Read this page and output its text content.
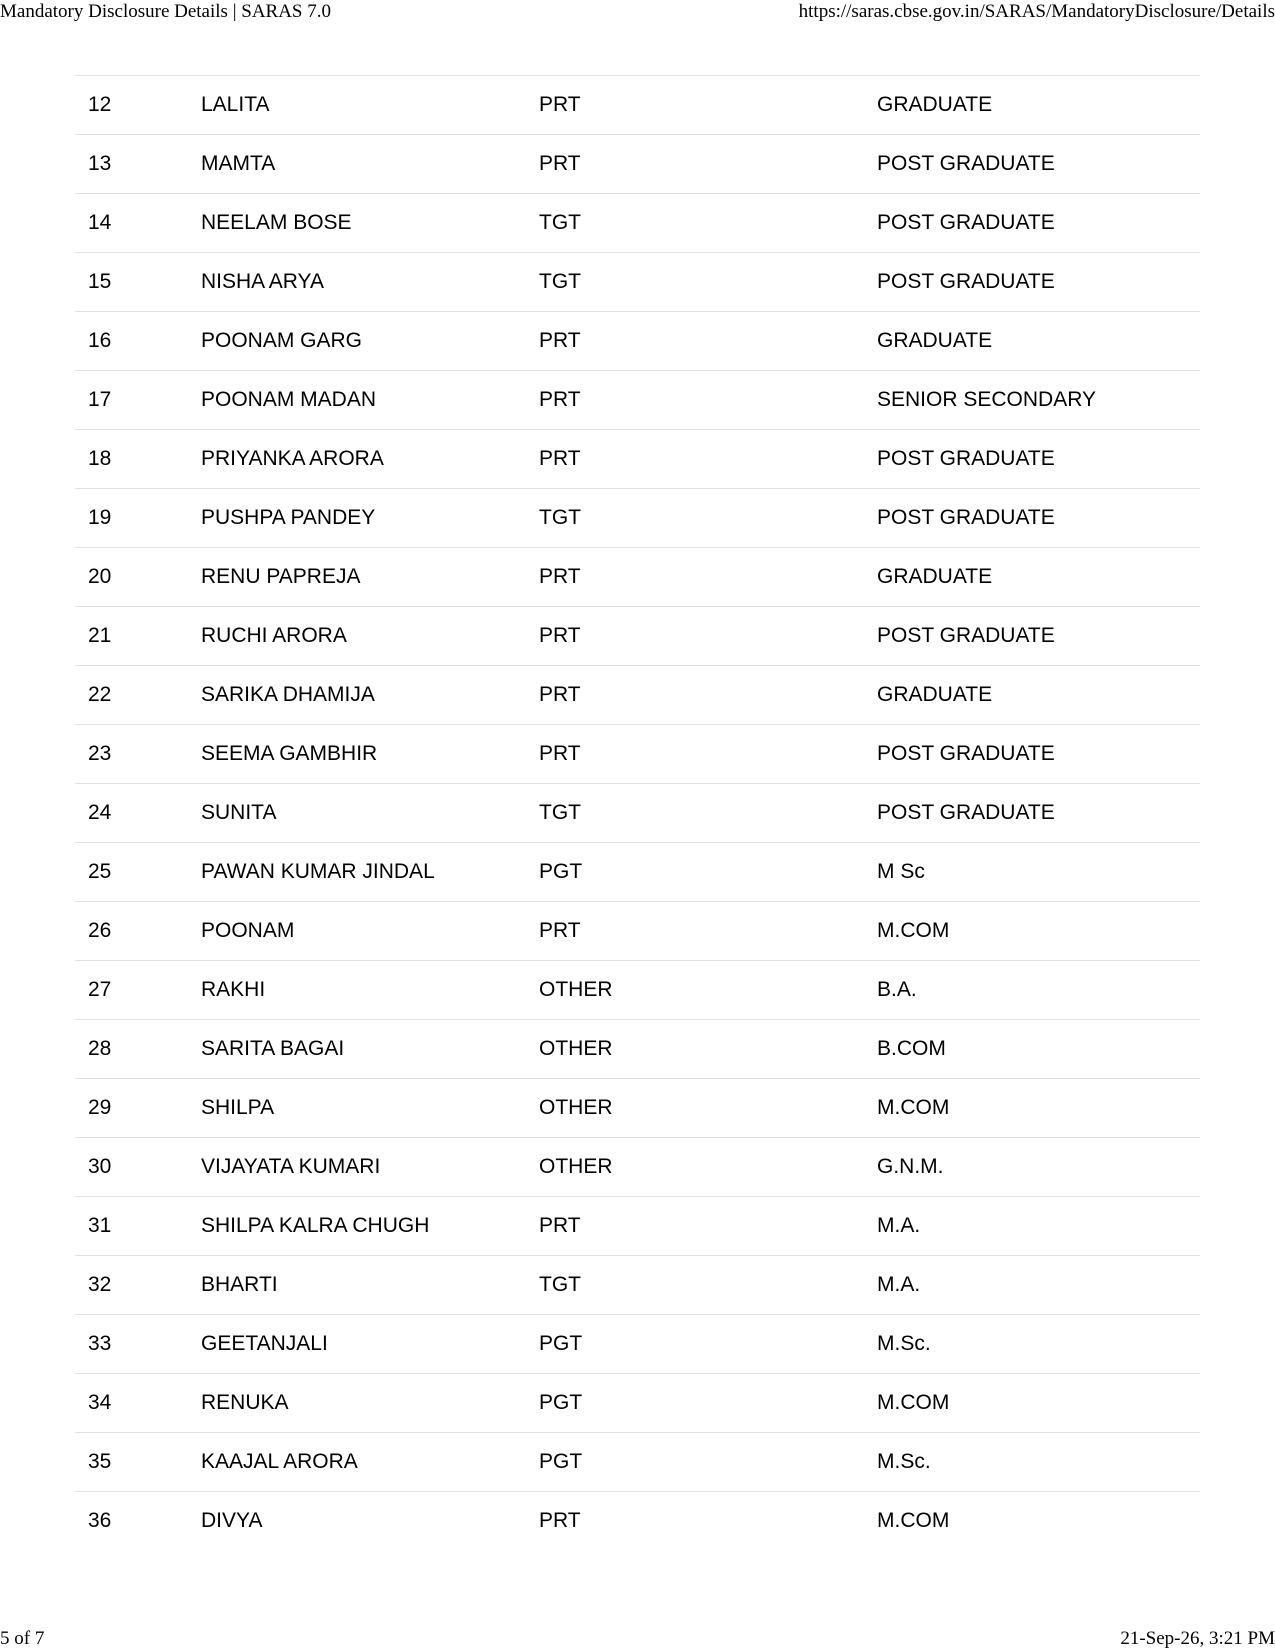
Mandatory Disclosure Details | SARAS 7.0	https://saras.cbse.gov.in/SARAS/MandatoryDisclosure/Details
12	LALITA	PRT	GRADUATE
13	MAMTA	PRT	POST GRADUATE
14	NEELAM BOSE	TGT	POST GRADUATE
15	NISHA ARYA	TGT	POST GRADUATE
16	POONAM GARG	PRT	GRADUATE
17	POONAM MADAN	PRT	SENIOR SECONDARY
18	PRIYANKA ARORA	PRT	POST GRADUATE
19	PUSHPA PANDEY	TGT	POST GRADUATE
20	RENU PAPREJA	PRT	GRADUATE
21	RUCHI ARORA	PRT	POST GRADUATE
22	SARIKA DHAMIJA	PRT	GRADUATE
23	SEEMA GAMBHIR	PRT	POST GRADUATE
24	SUNITA	TGT	POST GRADUATE
25	PAWAN KUMAR JINDAL	PGT	M Sc
26	POONAM	PRT	M.COM
27	RAKHI	OTHER	B.A.
28	SARITA BAGAI	OTHER	B.COM
29	SHILPA	OTHER	M.COM
30	VIJAYATA KUMARI	OTHER	G.N.M.
31	SHILPA KALRA CHUGH	PRT	M.A.
32	BHARTI	TGT	M.A.
33	GEETANJALI	PGT	M.Sc.
34	RENUKA	PGT	M.COM
35	KAAJAL ARORA	PGT	M.Sc.
36	DIVYA	PRT	M.COM
5 of 7	21-Sep-26, 3:21 PM
